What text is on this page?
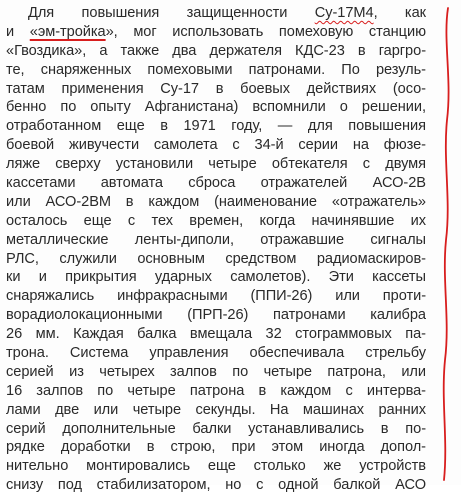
Для повышения защищенности Су-17М4, как
и «эм-тройка», мог использовать помеховую станцию
«Гвоздика», а также два держателя КДС-23 в гаргро-
те, снаряженных помеховыми патронами. По резуль-
татам применения Су-17 в боевых действиях (осо-
бенно по опыту Афганистана) вспомнили о решении,
отработанном еще в 1971 году, — для повышения
боевой живучести самолета с 34-й серии на фюзе-
ляже сверху установили четыре обтекателя с двумя
кассетами автомата сброса отражателей АСО-2В
или АСО-2ВМ в каждом (наименование «отражатель»
осталось еще с тех времен, когда начинявшие их
металлические ленты-диполи, отражавшие сигналы
РЛС, служили основным средством радиомаскиров-
ки и прикрытия ударных самолетов). Эти кассеты
снаряжались инфракрасными (ППИ-26) или проти-
ворадиолокационными (ПРП-26) патронами калибра
26 мм. Каждая балка вмещала 32 стограммовых па-
трона. Система управления обеспечивала стрельбу
серией из четырех залпов по четыре патрона, или
16 залпов по четыре патрона в каждом с интерва-
лами две или четыре секунды. На машинах ранних
серий дополнительные балки устанавливались в по-
рядке доработки в строю, при этом иногда допол-
нительно монтировались еще столько же устройств
снизу под стабилизатором, но с одной балкой АСО
